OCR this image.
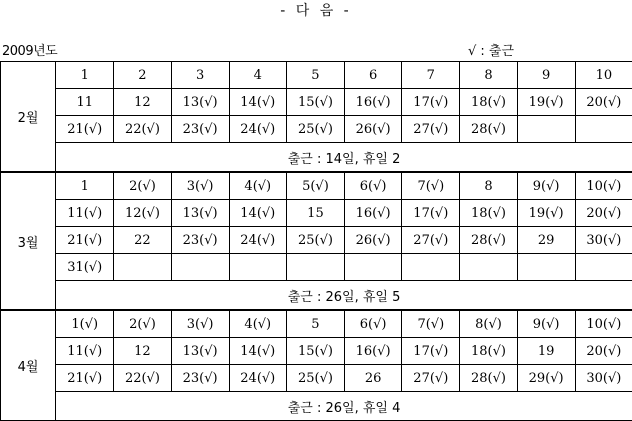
- 다 음 -
2009년도	√ : 출근
2월	1	2	3	4	5	6	7	8	9	10
	11	12	13(√)	14(√)	15(√)	16(√)	17(√)	18(√)	19(√)	20(√)
	21(√)	22(√)	23(√)	24(√)	25(√)	26(√)	27(√)	28(√)		
	출근 : 14일, 휴일 2									
3월	1	2(√)	3(√)	4(√)	5(√)	6(√)	7(√)	8	9(√)	10(√)
	11(√)	12(√)	13(√)	14(√)	15	16(√)	17(√)	18(√)	19(√)	20(√)
	21(√)	22	23(√)	24(√)	25(√)	26(√)	27(√)	28(√)	29	30(√)
	31(√)									
	출근 : 26일, 휴일 5									
4월	1(√)	2(√)	3(√)	4(√)	5	6(√)	7(√)	8(√)	9(√)	10(√)
	11(√)	12	13(√)	14(√)	15(√)	16(√)	17(√)	18(√)	19	20(√)
	21(√)	22(√)	23(√)	24(√)	25(√)	26	27(√)	28(√)	29(√)	30(√)
	출근 : 26일, 휴일 4									
